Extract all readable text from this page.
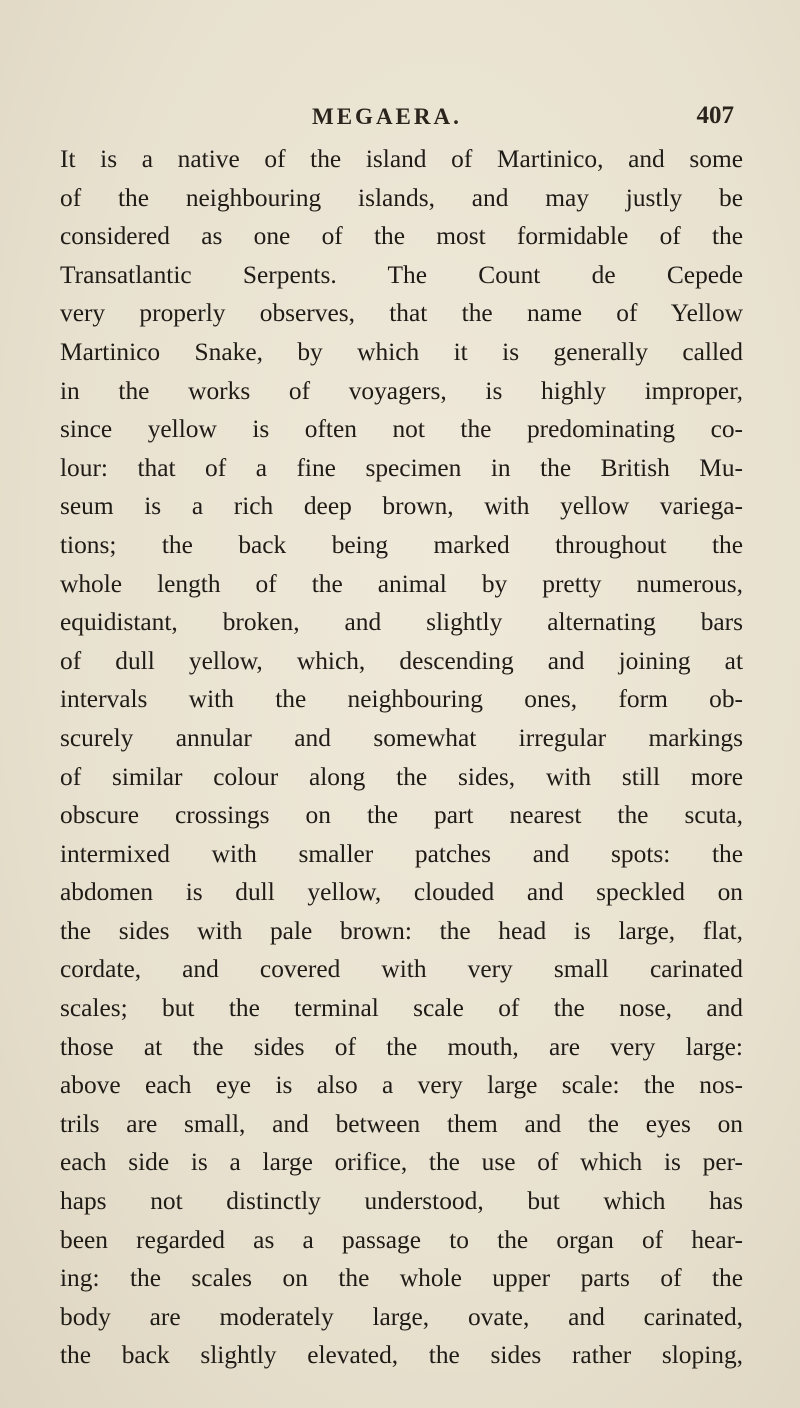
MEGAERA.	407
It is a native of the island of Martinico, and some
of the neighbouring islands, and may justly be
considered as one of the most formidable of the
Transatlantic Serpents. The Count de Cepede
very properly observes, that the name of Yellow
Martinico Snake, by which it is generally called
in the works of voyagers, is highly improper,
since yellow is often not the predominating co-
lour: that of a fine specimen in the British Mu-
seum is a rich deep brown, with yellow variega-
tions; the back being marked throughout the
whole length of the animal by pretty numerous,
equidistant, broken, and slightly alternating bars
of dull yellow, which, descending and joining at
intervals with the neighbouring ones, form ob-
scurely annular and somewhat irregular markings
of similar colour along the sides, with still more
obscure crossings on the part nearest the scuta,
intermixed with smaller patches and spots: the
abdomen is dull yellow, clouded and speckled on
the sides with pale brown: the head is large, flat,
cordate, and covered with very small carinated
scales; but the terminal scale of the nose, and
those at the sides of the mouth, are very large:
above each eye is also a very large scale: the nos-
trils are small, and between them and the eyes on
each side is a large orifice, the use of which is per-
haps not distinctly understood, but which has
been regarded as a passage to the organ of hear-
ing: the scales on the whole upper parts of the
body are moderately large, ovate, and carinated,
the back slightly elevated, the sides rather sloping,
